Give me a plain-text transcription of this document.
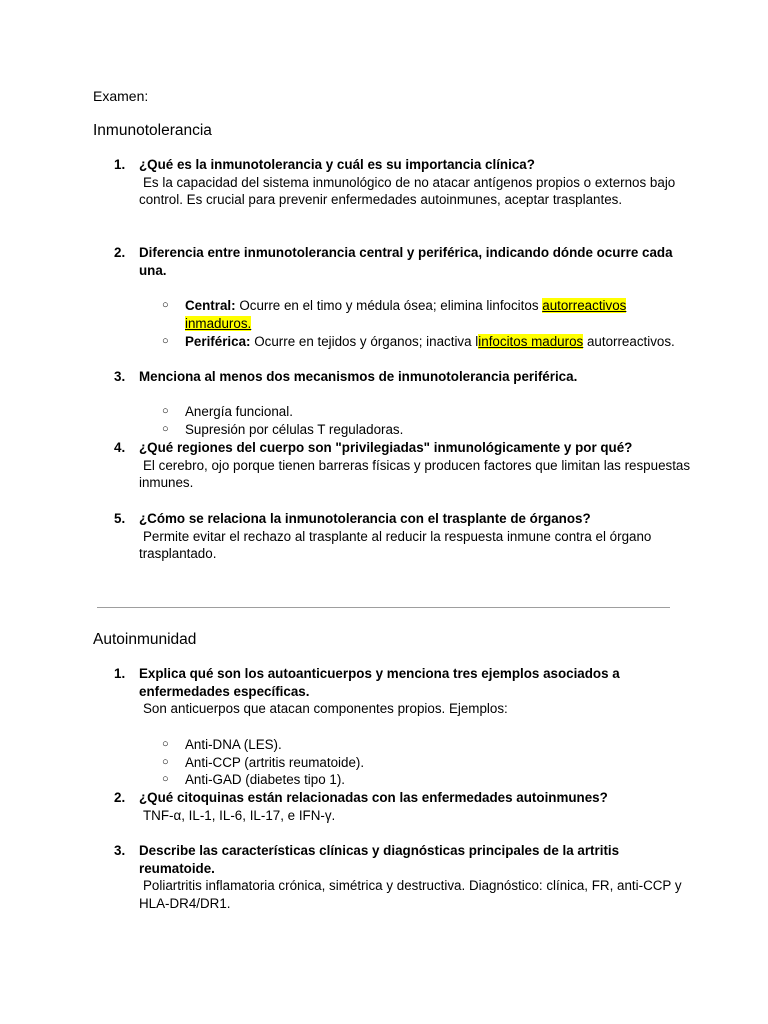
Examen:
Inmunotolerancia
1. ¿Qué es la inmunotolerancia y cuál es su importancia clínica?
Es la capacidad del sistema inmunológico de no atacar antígenos propios o externos bajo control. Es crucial para prevenir enfermedades autoinmunes, aceptar trasplantes.
2. Diferencia entre inmunotolerancia central y periférica, indicando dónde ocurre cada una.
○ Central: Ocurre en el timo y médula ósea; elimina linfocitos autorreactivos inmaduros.
○ Periférica: Ocurre en tejidos y órganos; inactiva linfocitos maduros autorreactivos.
3. Menciona al menos dos mecanismos de inmunotolerancia periférica.
○ Anergía funcional.
○ Supresión por células T reguladoras.
4. ¿Qué regiones del cuerpo son "privilegiadas" inmunológicamente y por qué?
El cerebro, ojo porque tienen barreras físicas y producen factores que limitan las respuestas inmunes.
5. ¿Cómo se relaciona la inmunotolerancia con el trasplante de órganos?
Permite evitar el rechazo al trasplante al reducir la respuesta inmune contra el órgano trasplantado.
Autoinmunidad
1. Explica qué son los autoanticuerpos y menciona tres ejemplos asociados a enfermedades específicas.
Son anticuerpos que atacan componentes propios. Ejemplos:
○ Anti-DNA (LES).
○ Anti-CCP (artritis reumatoide).
○ Anti-GAD (diabetes tipo 1).
2. ¿Qué citoquinas están relacionadas con las enfermedades autoinmunes?
TNF-α, IL-1, IL-6, IL-17, e IFN-γ.
3. Describe las características clínicas y diagnósticas principales de la artritis reumatoide.
Poliartritis inflamatoria crónica, simétrica y destructiva. Diagnóstico: clínica, FR, anti-CCP y HLA-DR4/DR1.
